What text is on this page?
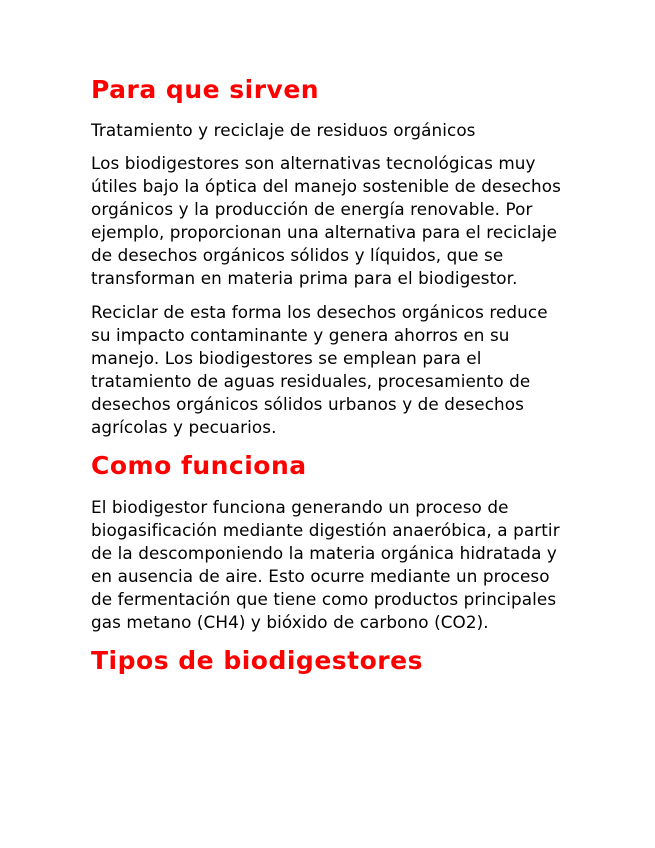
Para que sirven

Tratamiento y reciclaje de residuos orgánicos

Los biodigestores son alternativas tecnológicas muy útiles bajo la óptica del manejo sostenible de desechos orgánicos y la producción de energía renovable. Por ejemplo, proporcionan una alternativa para el reciclaje de desechos orgánicos sólidos y líquidos, que se transforman en materia prima para el biodigestor.

Reciclar de esta forma los desechos orgánicos reduce su impacto contaminante y genera ahorros en su manejo. Los biodigestores se emplean para el tratamiento de aguas residuales, procesamiento de desechos orgánicos sólidos urbanos y de desechos agrícolas y pecuarios.

Como funciona

El biodigestor funciona generando un proceso de biogasificación mediante digestión anaeróbica, a partir de la descomponiendo la materia orgánica hidratada y en ausencia de aire. Esto ocurre mediante un proceso de fermentación que tiene como productos principales gas metano (CH4) y bióxido de carbono (CO2).

Tipos de biodigestores
